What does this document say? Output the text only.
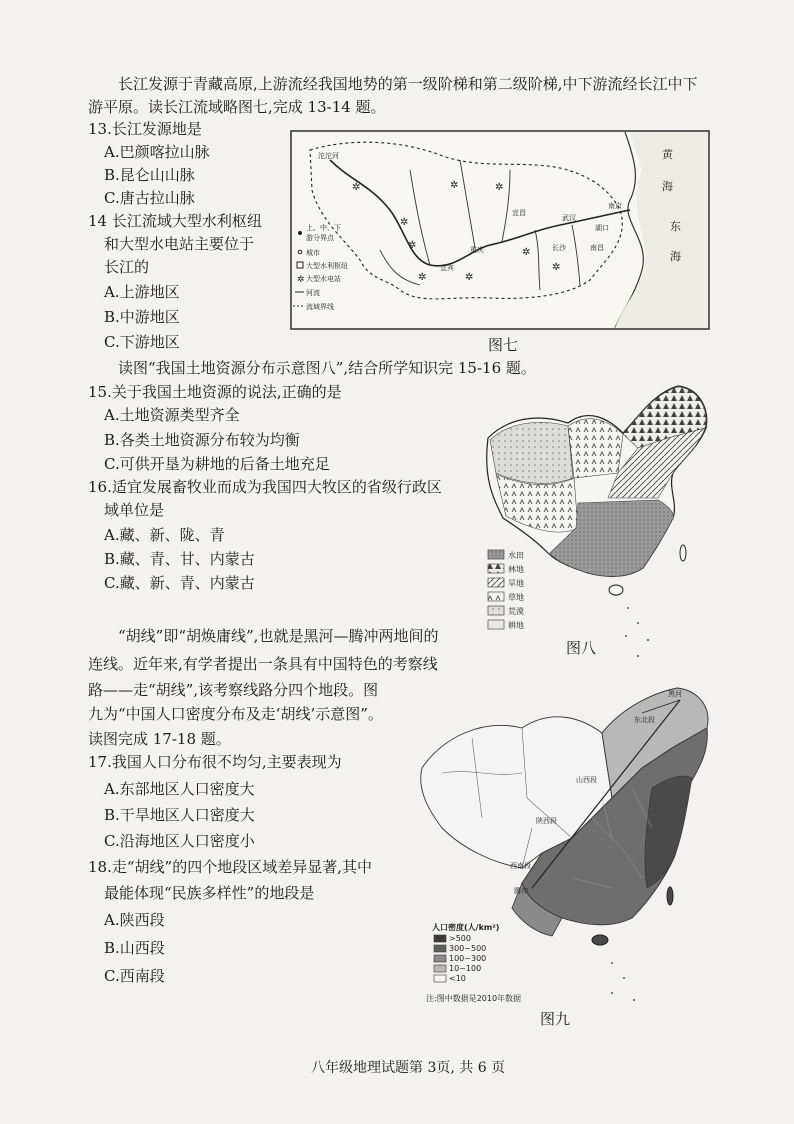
长江发源于青藏高原,上游流经我国地势的第一级阶梯和第二级阶梯,中下游流经长江中下
游平原。读长江流域略图七,完成 13-14 题。
13.长江发源地是
A.巴颜喀拉山脉
B.昆仑山山脉
C.唐古拉山脉
14 长江流域大型水利枢纽
和大型水电站主要位于
长江的
A.上游地区
B.中游地区
C.下游地区
上、中、下
游分界点
城市
大型水利枢纽
✲ 大型水电站
河流
流域界线
✲
✲
✲	✲
✲
✲
✲
✲
✲
沱沱河
宜昌
重庆
宜宾
长沙	南昌
南京
湖口
武汉
黄
海
东
海
图七
读图“我国土地资源分布示意图八”,结合所学知识完 15-16 题。
15.关于我国土地资源的说法,正确的是
A.土地资源类型齐全
B.各类土地资源分布较为均衡
C.可供开垦为耕地的后备土地充足
16.适宜发展畜牧业而成为我国四大牧区的省级行政区
域单位是
A.藏、新、陇、青
B.藏、青、甘、内蒙古
C.藏、新、青、内蒙古
水田
林地
旱地
草地
荒漠
耕地
图八
“胡线”即“胡焕庸线”,也就是黑河—腾冲两地间的
连线。近年来,有学者提出一条具有中国特色的考察线
路——走“胡线”,该考察线路分四个地段。图
九为“中国人口密度分布及走‘胡线’示意图”。
读图完成 17-18 题。
17.我国人口分布很不均匀,主要表现为
A.东部地区人口密度大
B.干旱地区人口密度大
C.沿海地区人口密度小
18.走“胡线”的四个地段区域差异显著,其中
最能体现“民族多样性”的地段是
A.陕西段
B.山西段
C.西南段
黑河
东北段
山西段
陕西段
西南段
腾冲
人口密度(人/km²)
>500
300~500
100~300
10~100
<10
注:图中数据是2010年数据
图九
八年级地理试题第 3页, 共 6 页
